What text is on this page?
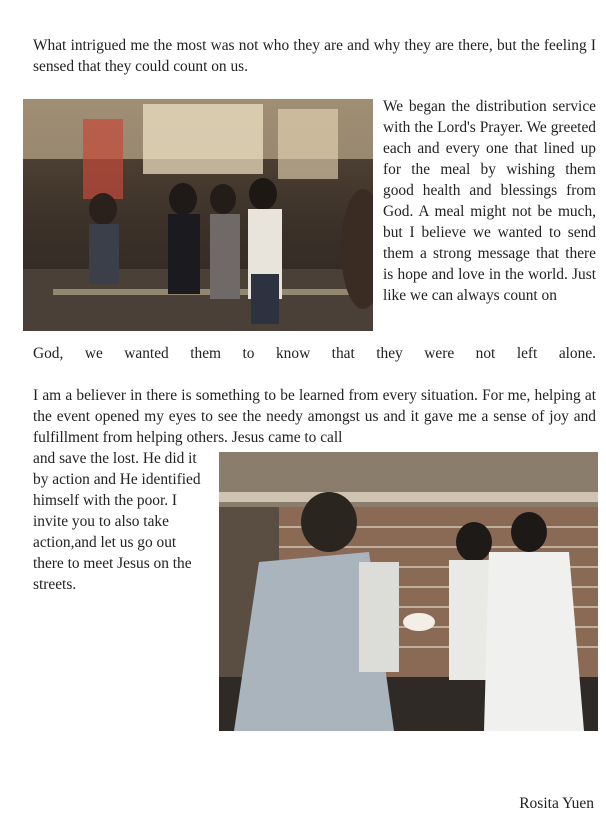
What intrigued me the most was not who they are and why they are there, but the feeling I sensed that they could count on us.

We began the distribution service with the Lord's Prayer. We greeted each and every one that lined up for the meal by wishing them good health and blessings from God. A meal might not be much, but I believe we wanted to send them a strong message that there is hope and love in the world. Just like we can always count on

God, we wanted them to know that they were not left alone.

I am a believer in there is something to be learned from every situation. For me, helping at the event opened my eyes to see the needy amongst us and it gave me a sense of joy and fulfillment from helping others. Jesus came to call

and save the lost. He did it by action and He identified himself with the poor. I invite you to also take action,and let us go out there to meet Jesus on the streets.

Rosita Yuen
